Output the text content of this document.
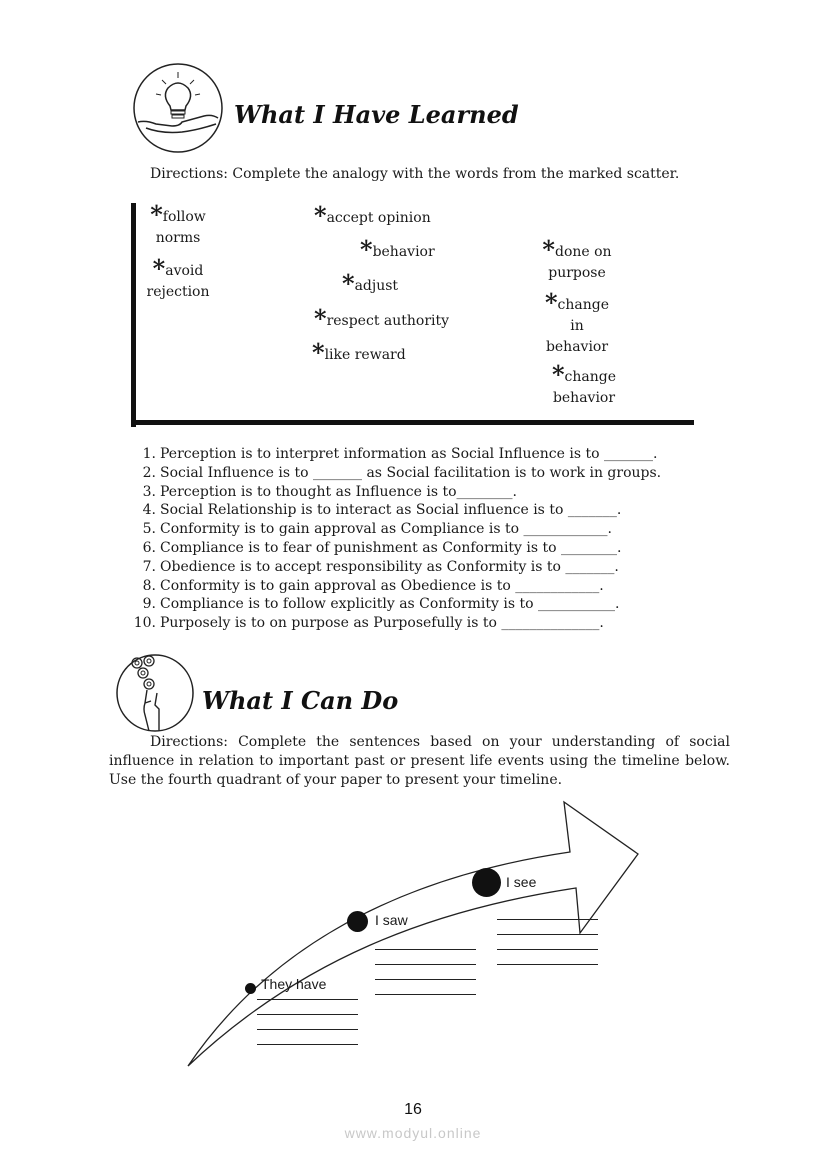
What I Have Learned
Directions: Complete the analogy with the words from the marked scatter.
*follow
norms
*avoid
rejection
*accept opinion
*behavior
*adjust
*respect authority
*like reward
*done on
purpose
*change
in
behavior
*change
behavior
1. Perception is to interpret information as Social Influence is to _______.
2. Social Influence is to _______ as Social facilitation is to work in groups.
3. Perception is to thought as Influence is to________.
4. Social Relationship is to interact as Social influence is to _______.
5. Conformity is to gain approval as Compliance is to ____________.
6. Compliance is to fear of punishment as Conformity is to ________.
7. Obedience is to accept responsibility as Conformity is to _______.
8. Conformity is to gain approval as Obedience is to ____________.
9. Compliance is to follow explicitly as Conformity is to ___________.
10. Purposely is to on purpose as Purposefully is to ______________.
What I Can Do
Directions: Complete the sentences based on your understanding of social influence in relation to important past or present life events using the timeline below. Use the fourth quadrant of your paper to present your timeline.
They have
I saw
I see
16
www.modyul.online
